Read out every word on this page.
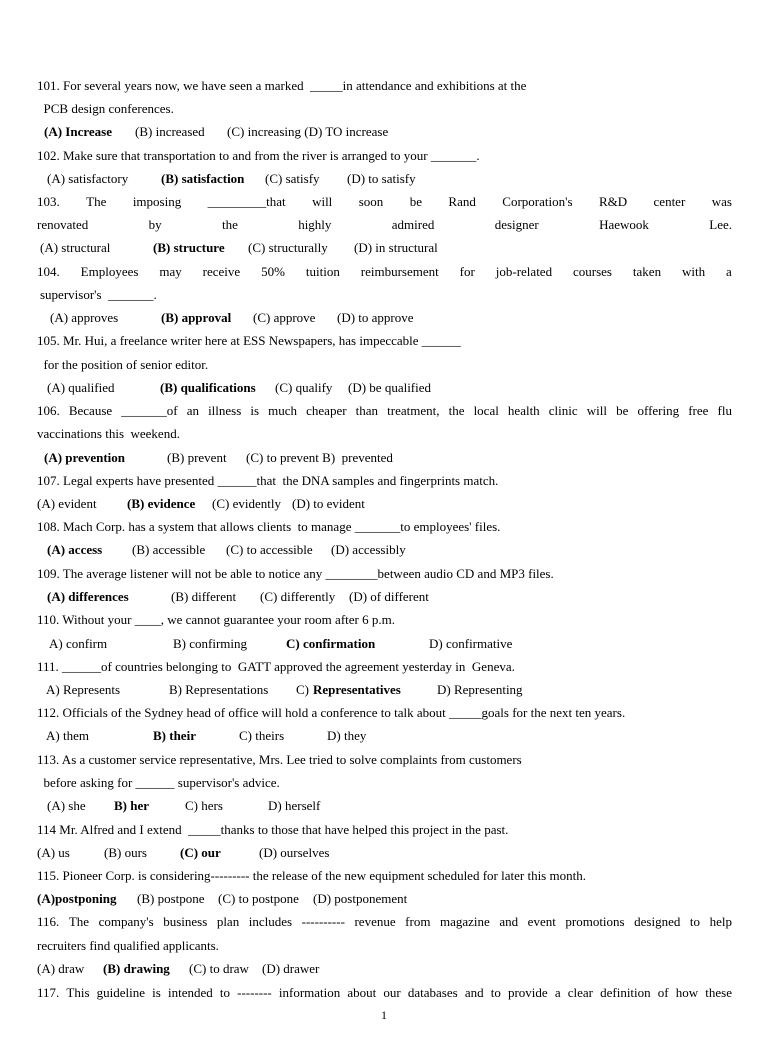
101. For several years now, we have seen a marked  _____in attendance and exhibitions at the
PCB design conferences.

(A) Increase

(B) increased

(C) increasing (D) TO increase

102. Make sure that transportation to and from the river is arranged to your _______.

(A) satisfactory

	(B) satisfaction

(C) satisfy

(D) to satisfy

103. The imposing _________that will soon be Rand Corporation's R&D center was
renovated	by	the	highly	admired	designer	Haewook	Lee.

(A) structural

	(B) structure

(C) structurally

(D) in structural

104. Employees may receive 50% tuition reimbursement for job-related courses taken with a
supervisor's  _______.

(A) approves

	(B) approval

(C) approve

(D) to approve

105. Mr. Hui, a freelance writer here at ESS Newspapers, has impeccable ______
for the position of senior editor.

(A) qualified

	(B) qualifications

(C) qualify

(D) be qualified

106. Because _______of an illness is much cheaper than treatment, the local health clinic will be offering free flu
vaccinations this  weekend.

(A) prevention

	(B) prevent

(C) to prevent B)  prevented

107. Legal experts have presented ______that  the DNA samples and fingerprints match.

(A) evident

(B) evidence

(C) evidently

(D) to evident

108. Mach Corp. has a system that allows clients  to manage _______to employees' files.

(A) access

(B) accessible

(C) to accessible

(D) accessibly

109. The average listener will not be able to notice any ________between audio CD and MP3 files.

(A) differences

	(B) different

(C) differently

(D) of different

110. Without your ____, we cannot guarantee your room after 6 p.m.

A) confirm

	B) confirming

	C) confirmation

	D) confirmative

111. ______of countries belonging to  GATT approved the agreement yesterday in  Geneva.

A) Represents

	B) Representations

C)

Representatives

	D) Representing

112. Officials of the Sydney head of office will hold a conference to talk about _____goals for the next ten years.

A) them

	B) their

	C) theirs

	D) they

113. As a customer service representative, Mrs. Lee tried to solve complaints from customers
before asking for ______ supervisor's advice.

(A) she

B) her

	C) hers

	D) herself

114 Mr. Alfred and I extend  _____thanks to those that have helped this project in the past.

(A) us

	(B) ours

	(C) our

	(D) ourselves

115. Pioneer Corp. is considering--------- the release of the new equipment scheduled for later this month.

(A)postponing

(B) postpone

(C) to postpone

(D) postponement

116. The company's business plan includes ---------- revenue from magazine and event promotions designed to help
recruiters find qualified applicants.

(A) draw

(B) drawing

(C) to draw

(D) drawer

117. This guideline is intended to -------- information about our databases and to provide a clear definition of how these
1
